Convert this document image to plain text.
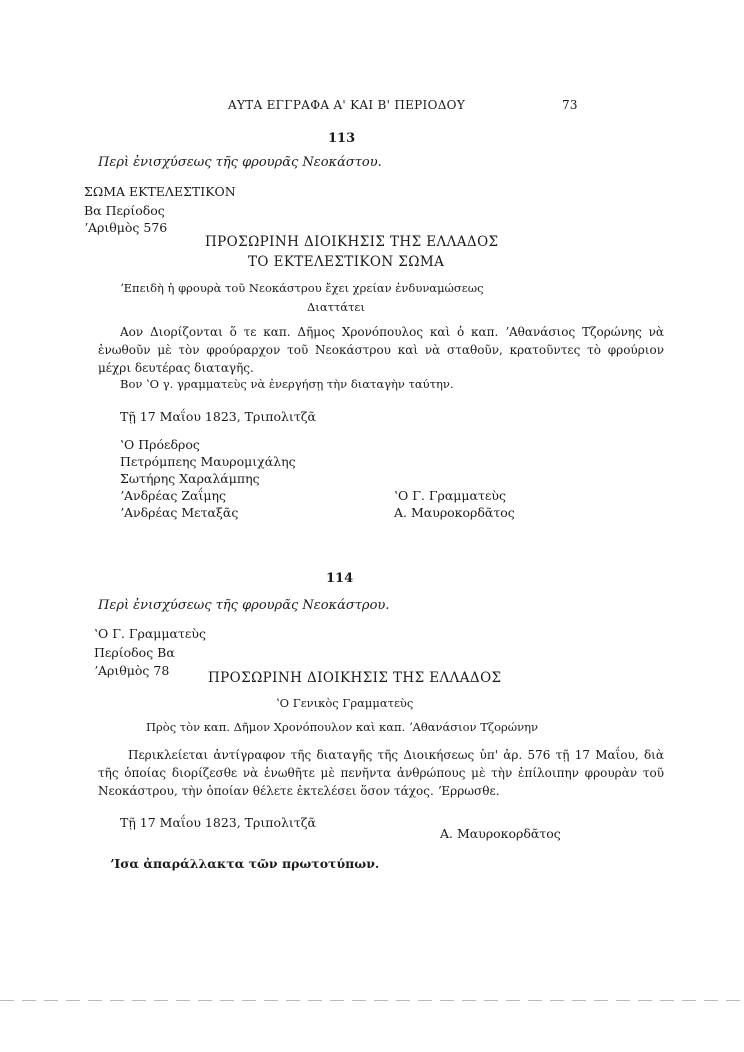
ΑΥΤΑ ΕΓΓΡΑΦΑ Α' ΚΑΙ Β' ΠΕΡΙΟΔΟΥ	73
113
Περὶ ἐνισχύσεως τῆς φρουρᾶς Νεοκάστου.
ΣΩΜΑ ΕΚΤΕΛΕΣΤΙΚΟΝ
Βα Περίοδος
ʼΑριθμὸς 576
ΠΡΟΣΩΡΙΝΗ ΔΙΟΙΚΗΣΙΣ ΤΗΣ ΕΛΛΑΔΟΣ
ΤΟ ΕΚΤΕΛΕΣΤΙΚΟΝ ΣΩΜΑ
ʼΕπειδὴ ἡ φρουρὰ τοῦ Νεοκάστρου ἔχει χρείαν ἐνδυναμώσεως
Διαττάτει
Αον Διορίζονται ὅ τε καπ. Δῆμος Χρονόπουλος καὶ ὁ καπ. ʼΑθανάσιος Τζορώνης νὰ ἑνωθοῦν μὲ τὸν φρούραρχον τοῦ Νεοκάστρου καὶ νὰ σταθοῦν, κρατοῦντες τὸ φρούριον μέχρι δευτέρας διαταγῆς.
Βον ʽΟ γ. γραμματεὺς νὰ ἐνεργήσῃ τὴν διαταγὴν ταύτην.
Τῇ 17 Μαΐου 1823, Τριπολιτζᾶ
ʽΟ Πρόεδρος
Πετρόμπεης Μαυρομιχάλης
Σωτήρης Χαραλάμπης
ʼΑνδρέας Ζαΐμης
ʼΑνδρέας Μεταξᾶς
ʽΟ Γ. Γραμματεὺς
Α. Μαυροκορδᾶτος
114
Περὶ ἐνισχύσεως τῆς φρουρᾶς Νεοκάστρου.
ʽΟ Γ. Γραμματεὺς
Περίοδος Βα
ʼΑριθμὸς 78	ΠΡΟΣΩΡΙΝΗ ΔΙΟΙΚΗΣΙΣ ΤΗΣ ΕΛΛΑΔΟΣ
ʽΟ Γενικὸς Γραμματεὺς
Πρὸς τὸν καπ. Δῆμον Χρονόπουλον καὶ καπ. ʼΑθανάσιον Τζορώνην
Περικλείεται ἀντίγραφον τῆς διαταγῆς τῆς Διοικήσεως ὑπ' ἀρ. 576 τῇ 17 Μαΐου, διὰ τῆς ὁποίας διορίζεσθε νὰ ἑνωθῆτε μὲ πενῆντα ἀνθρώπους μὲ τὴν ἐπίλοιπην φρουρὰν τοῦ Νεοκάστρου, τὴν ὁποίαν θέλετε ἐκτελέσει ὅσον τάχος. ʼΕρρωσθε.
Τῇ 17 Μαΐου 1823, Τριπολιτζᾶ
Α. Μαυροκορδᾶτος
ʼΙσα ἀπαράλλακτα τῶν πρωτοτύπων.
